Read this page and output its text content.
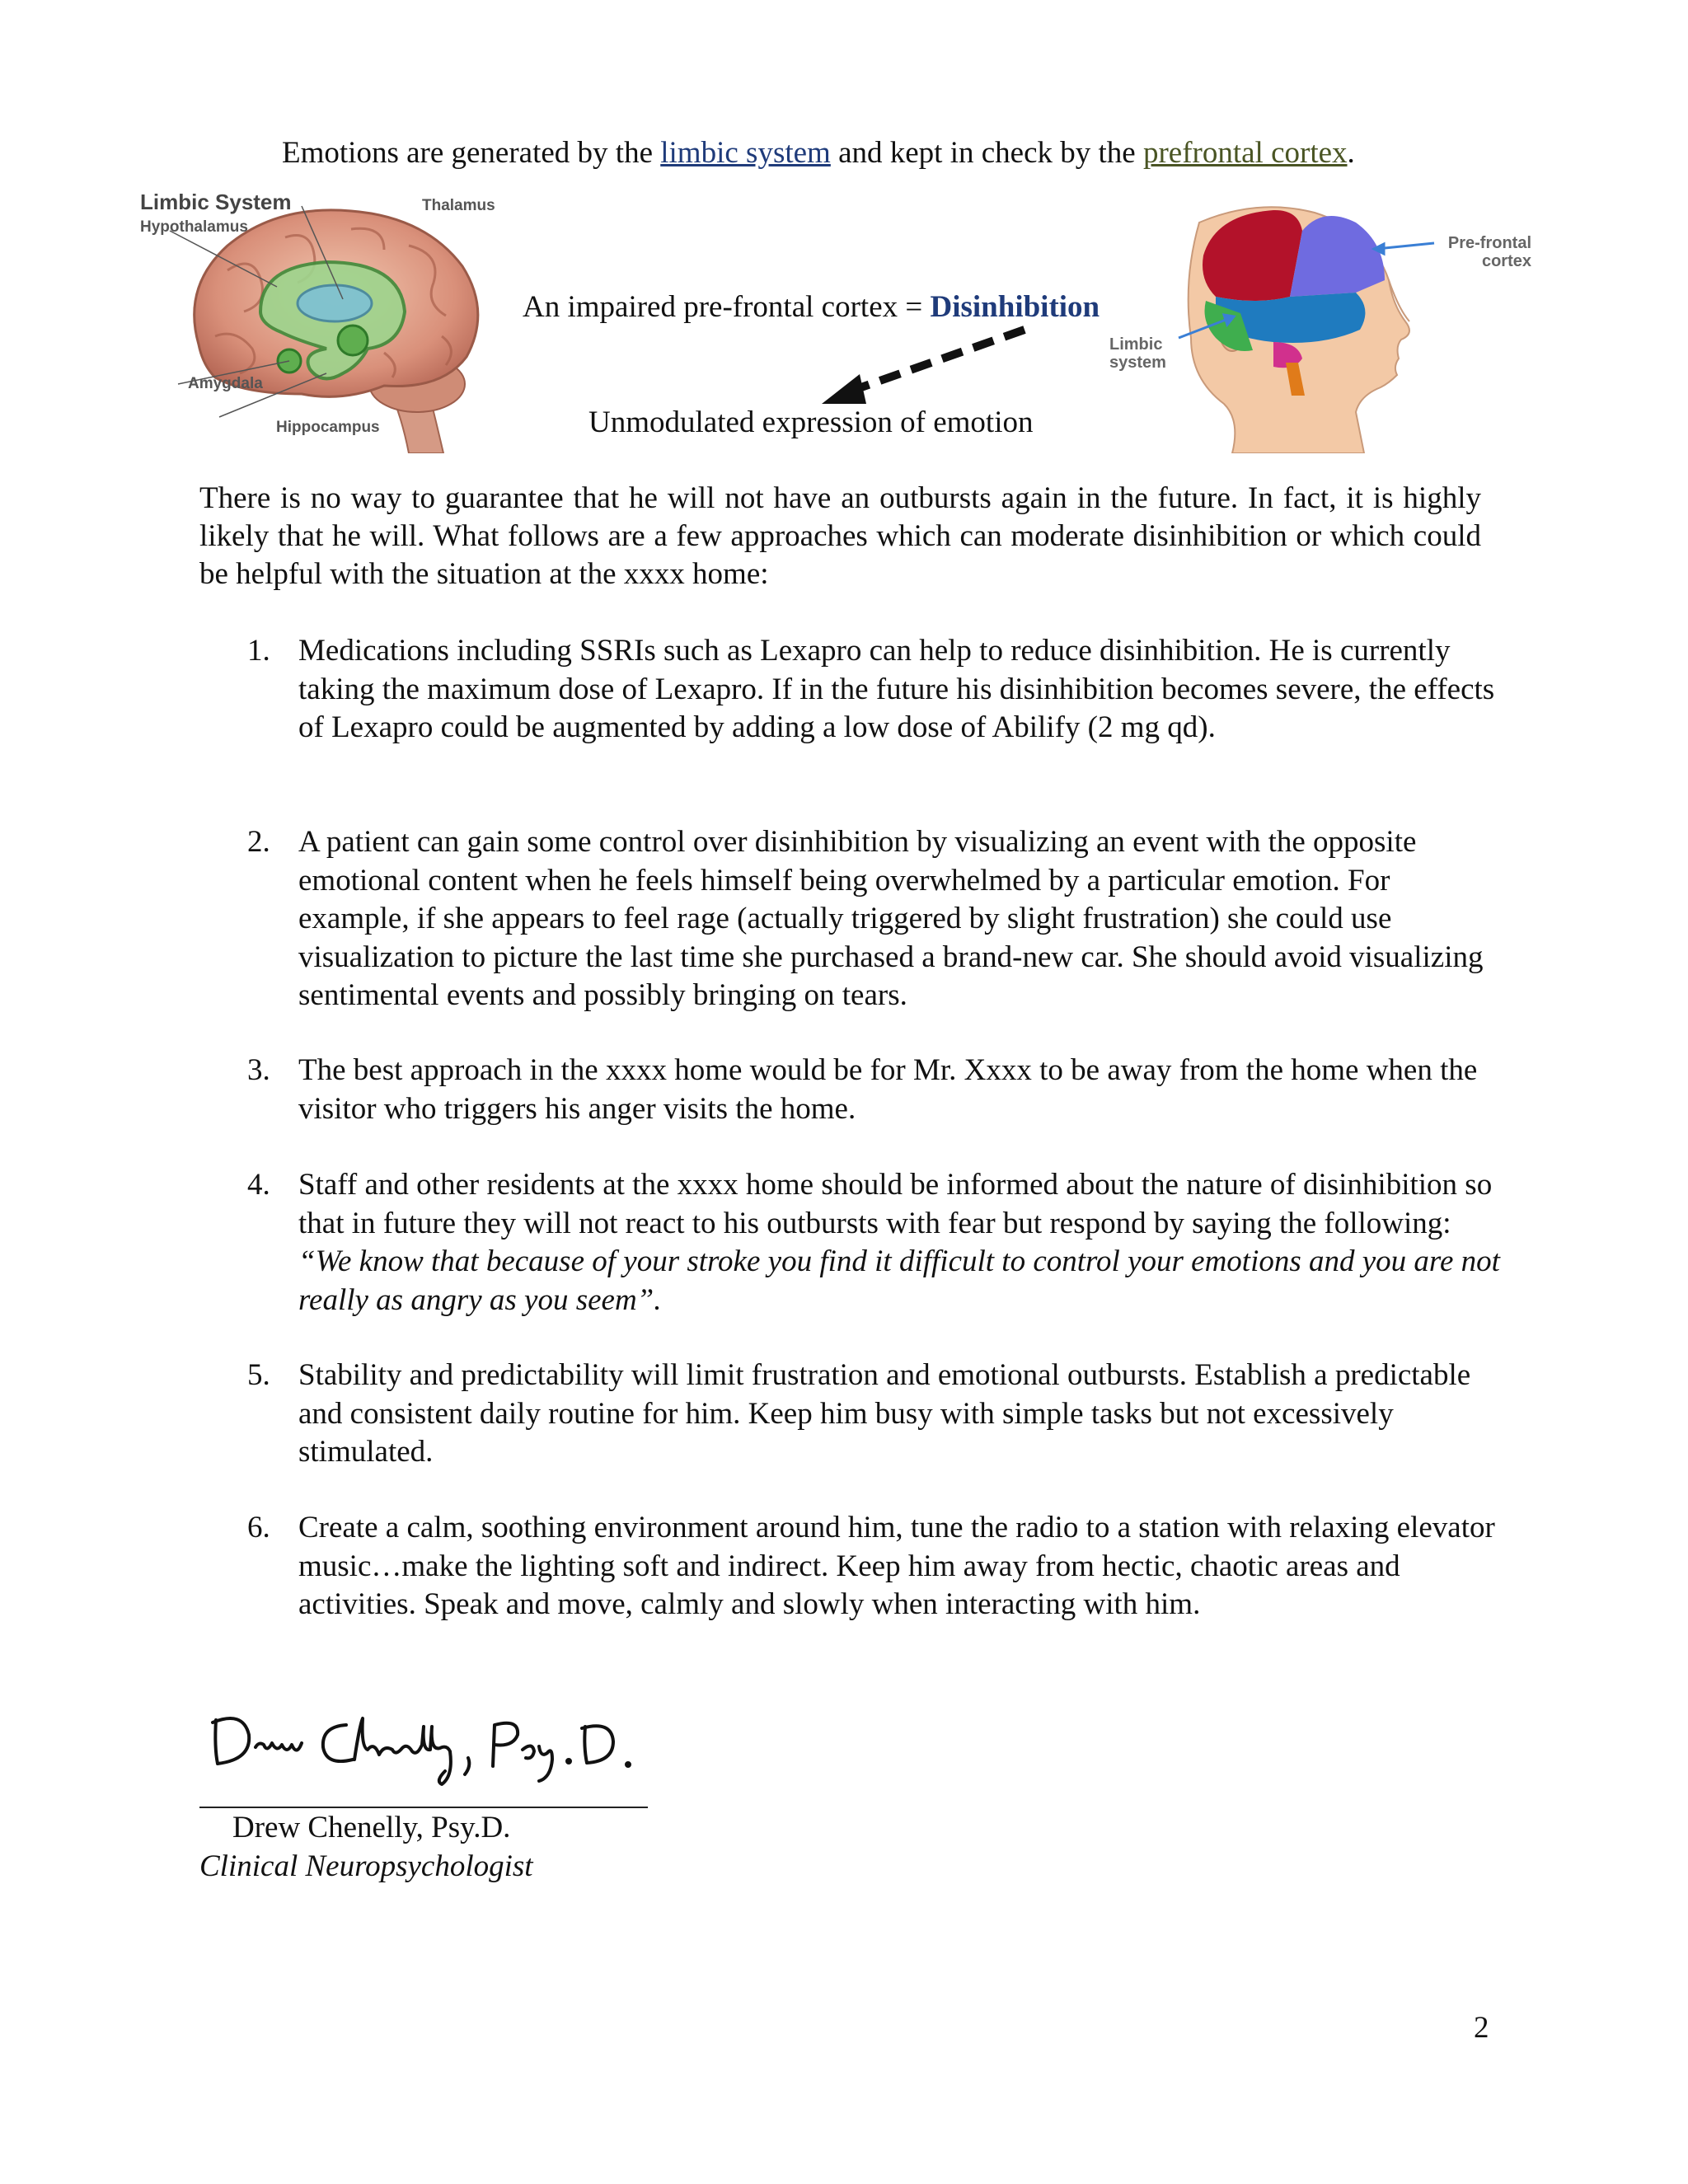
Emotions are generated by the limbic system and kept in check by the prefrontal cortex.
Limbic System
Hypothalamus
Thalamus
Amygdala
Hippocampus
Pre-frontal cortex
Limbic system
An impaired pre-frontal cortex = Disinhibition
Unmodulated expression of emotion
There is no way to guarantee that he will not have an outbursts again in the future. In fact, it is highly likely that he will. What follows are a few approaches which can moderate disinhibition or which could be helpful with the situation at the xxxx home:
1. Medications including SSRIs such as Lexapro can help to reduce disinhibition. He is currently taking the maximum dose of Lexapro. If in the future his disinhibition becomes severe, the effects of Lexapro could be augmented by adding a low dose of Abilify (2 mg qd).
2. A patient can gain some control over disinhibition by visualizing an event with the opposite emotional content when he feels himself being overwhelmed by a particular emotion. For example, if she appears to feel rage (actually triggered by slight frustration) she could use visualization to picture the last time she purchased a brand-new car. She should avoid visualizing sentimental events and possibly bringing on tears.
3. The best approach in the xxxx home would be for Mr. Xxxx to be away from the home when the visitor who triggers his anger visits the home.
4. Staff and other residents at the xxxx home should be informed about the nature of disinhibition so that in future they will not react to his outbursts with fear but respond by saying the following: “We know that because of your stroke you find it difficult to control your emotions and you are not really as angry as you seem”.
5. Stability and predictability will limit frustration and emotional outbursts. Establish a predictable and consistent daily routine for him. Keep him busy with simple tasks but not excessively stimulated.
6. Create a calm, soothing environment around him, tune the radio to a station with relaxing elevator music…make the lighting soft and indirect. Keep him away from hectic, chaotic areas and activities. Speak and move, calmly and slowly when interacting with him.
Drew Chenelly, Psy.D.
Clinical Neuropsychologist
2
